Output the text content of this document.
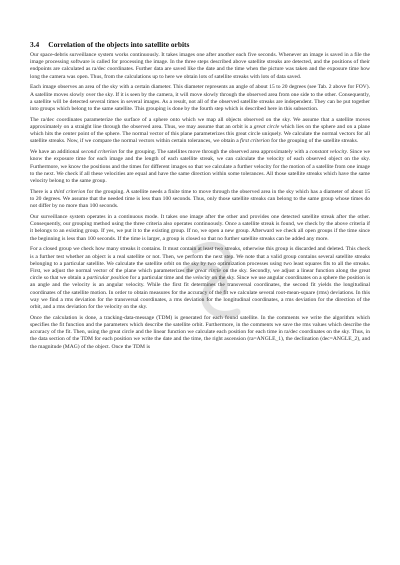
3.4 Correlation of the objects into satellite orbits

Our space-debris surveillance system works continuously. It takes images one after another each five seconds. Whenever an image is saved in a file the image processing software is called for processing the image. In the three steps described above satellite streaks are detected, and the positions of their endpoints are calculated as ra/dec coordinates. Further data are saved like the date and the time when the picture was taken and the exposure time how long the camera was open. Thus, from the calculations up to here we obtain lots of satellite streaks with lots of data saved.

Each image observes an area of the sky with a certain diameter. This diameter represents an angle of about 15 to 20 degrees (see Tab. 2 above for FOV). A satellite moves slowly over the sky. If it is seen by the camera, it will move slowly through the observed area from one side to the other. Consequently, a satellite will be detected several times in several images. As a result, not all of the observed satellite streaks are independent. They can be put together into groups which belong to the same satellite. This grouping is done by the fourth step which is described here in this subsection.

The ra/dec coordinates parameterize the surface of a sphere onto which we map all objects observed on the sky. We assume that a satellite moves approximately on a straight line through the observed area. Thus, we may assume that an orbit is a great circle which lies on the sphere and on a plane which hits the center point of the sphere. The normal vector of this plane parameterizes this great circle uniquely. We calculate the normal vectors for all satellite streaks. Now, if we compare the normal vectors within certain tolerances, we obtain a first criterion for the grouping of the satellite streaks.

We have an additional second criterion for the grouping. The satellites move through the observed area approximately with a constant velocity. Since we know the exposure time for each image and the length of each satellite streak, we can calculate the velocity of each observed object on the sky. Furthermore, we know the positions and the times for different images so that we calculate a further velocity for the motion of a satellite from one image to the next. We check if all these velocities are equal and have the same direction within some tolerances. All those satellite streaks which have the same velocity belong to the same group.

There is a third criterion for the grouping. A satellite needs a finite time to move through the observed area in the sky which has a diameter of about 15 to 20 degrees. We assume that the needed time is less than 100 seconds. Thus, only those satellite streaks can belong to the same group whose times do not differ by no more than 100 seconds.

Our surveillance system operates in a continuous mode. It takes one image after the other and provides one detected satellite streak after the other. Consequently, our grouping method using the three criteria also operates continuously. Once a satellite streak is found, we check by the above criteria if it belongs to an existing group. If yes, we put it to the existing group. If no, we open a new group. Afterward we check all open groups if the time since the beginning is less than 100 seconds. If the time is larger, a group is closed so that no further satellite streaks can be added any more.

For a closed group we check how many streaks it contains. It must contain at least two streaks, otherwise this group is discarded and deleted. This check is a further test whether an object is a real satellite or not. Then, we perform the next step. We note that a valid group contains several satellite streaks belonging to a particular satellite. We calculate the satellite orbit on the sky by two optimization processes using two least squares fits to all the streaks. First, we adjust the normal vector of the plane which parameterizes the great circle on the sky. Secondly, we adjust a linear function along the great circle so that we obtain a particular position for a particular time and the velocity on the sky. Since we use angular coordinates on a sphere the position is an angle and the velocity is an angular velocity. While the first fit determines the transversal coordinates, the second fit yields the longitudinal coordinates of the satellite motion. In order to obtain measures for the accuracy of the fit we calculate several root-mean-square (rms) deviations. In this way we find a rms deviation for the transversal coordinates, a rms deviation for the longitudinal coordinates, a rms deviation for the direction of the orbit, and a rms deviation for the velocity on the sky.

Once the calculation is done, a tracking-data-message (TDM) is generated for each found satellite. In the comments we write the algorithm which specifies the fit function and the parameters which describe the satellite orbit. Furthermore, in the comments we save the rms values which describe the accuracy of the fit. Then, using the great circle and the linear function we calculate each position for each time in ra/dec coordinates on the sky. Thus, in the data section of the TDM for each position we write the date and the time, the right ascension (ra=ANGLE_1), the declination (dec=ANGLE_2), and the magnitude (MAG) of the object. Once the TDM is
